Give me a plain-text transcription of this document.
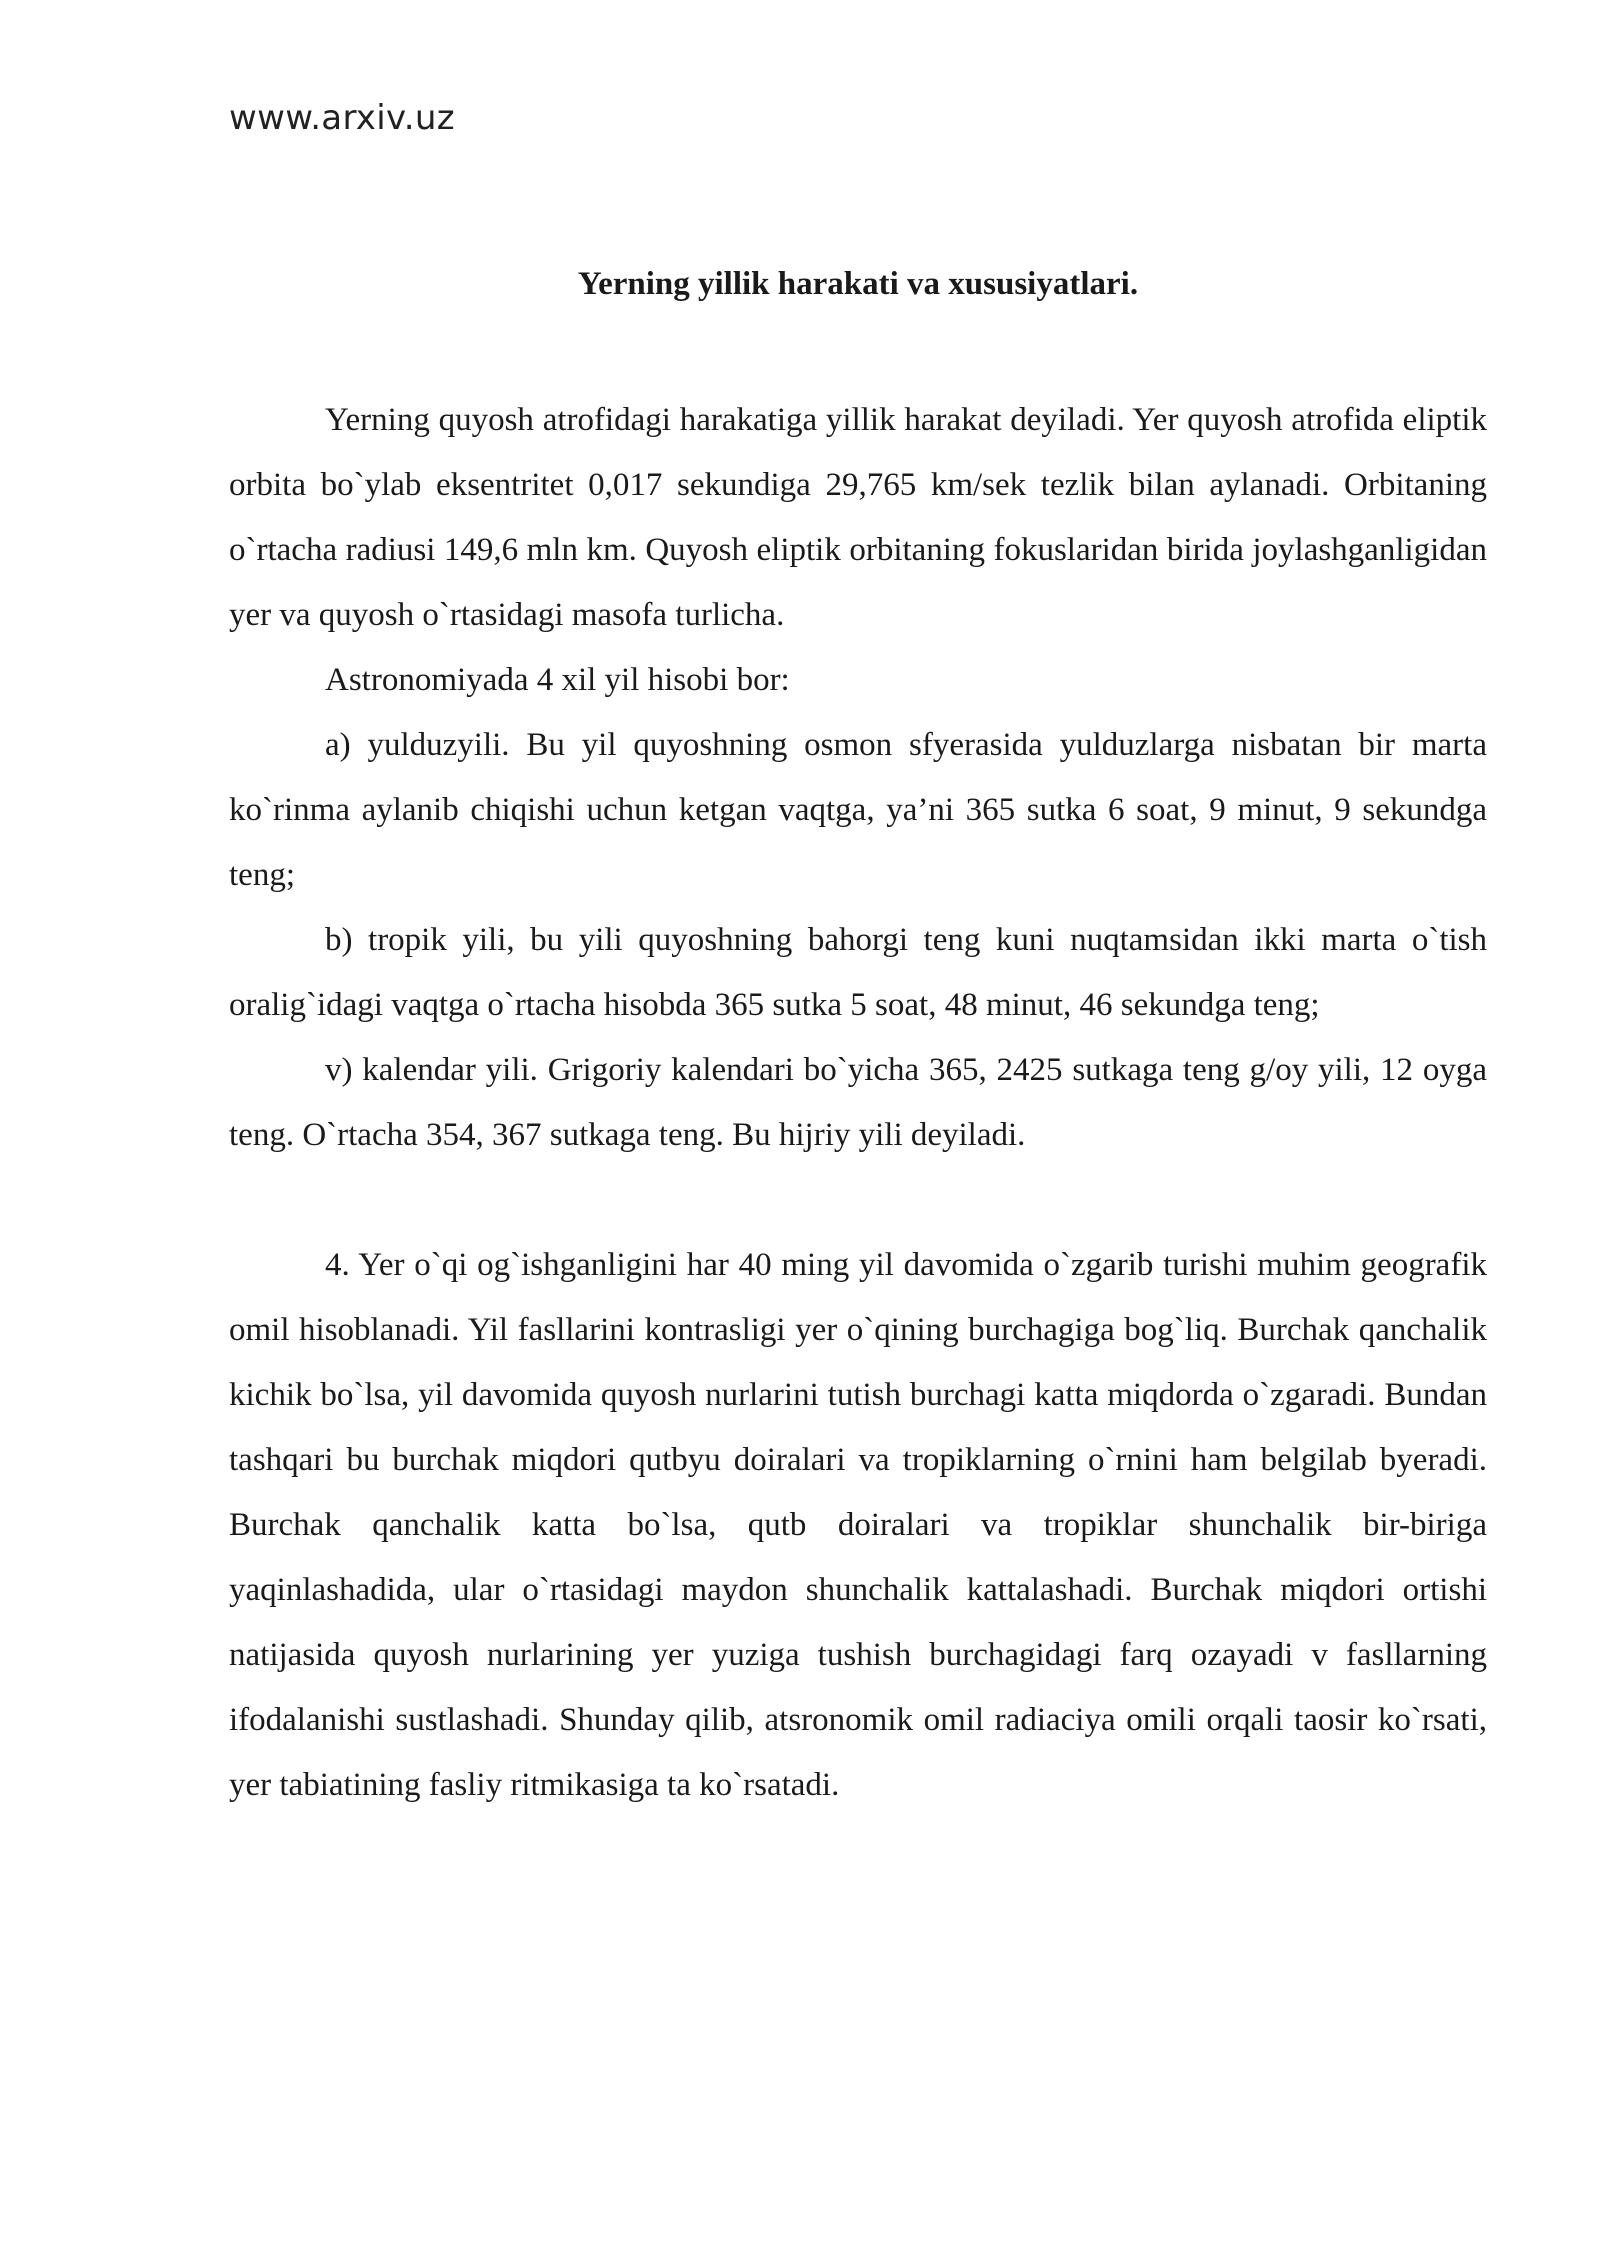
www.arxiv.uz
Yerning yillik harakati va xususiyatlari.

Yerning quyosh atrofidagi harakatiga yillik harakat deyiladi. Yer quyosh atrofida eliptik orbita bo`ylab eksentritet 0,017 sekundiga 29,765 km/sek tezlik bilan aylanadi. Orbitaning o`rtacha radiusi 149,6 mln km. Quyosh eliptik orbitaning fokuslaridan birida joylashganligidan yer va quyosh o`rtasidagi masofa turlicha.

Astronomiyada 4 xil yil hisobi bor:

a) yulduzyili. Bu yil quyoshning osmon sfyerasida yulduzlarga nisbatan bir marta ko`rinma aylanib chiqishi uchun ketgan vaqtga, ya’ni 365 sutka 6 soat, 9 minut, 9 sekundga teng;

b) tropik yili, bu yili quyoshning bahorgi teng kuni nuqtamsidan ikki marta o`tish oralig`idagi vaqtga o`rtacha hisobda 365 sutka 5 soat, 48 minut, 46 sekundga teng;

v) kalendar yili. Grigoriy kalendari bo`yicha 365, 2425 sutkaga teng g/oy yili, 12 oyga teng. O`rtacha 354, 367 sutkaga teng. Bu hijriy yili deyiladi.

4. Yer o`qi og`ishganligini har 40 ming yil davomida o`zgarib turishi muhim geografik omil hisoblanadi. Yil fasllarini kontrasligi yer o`qining burchagiga bog`liq. Burchak qanchalik kichik bo`lsa, yil davomida quyosh nurlarini tutish burchagi katta miqdorda o`zgaradi. Bundan tashqari bu burchak miqdori qutbyu doiralari va tropiklarning o`rnini ham belgilab byeradi. Burchak qanchalik katta bo`lsa, qutb doiralari va tropiklar shunchalik bir-biriga yaqinlashadida, ular o`rtasidagi maydon shunchalik kattalashadi. Burchak miqdori ortishi natijasida quyosh nurlarining yer yuziga tushish burchagidagi farq ozayadi v fasllarning ifodalanishi sustlashadi. Shunday qilib, atsronomik omil radiaciya omili orqali taosir ko`rsati, yer tabiatining fasliy ritmikasiga ta ko`rsatadi.
